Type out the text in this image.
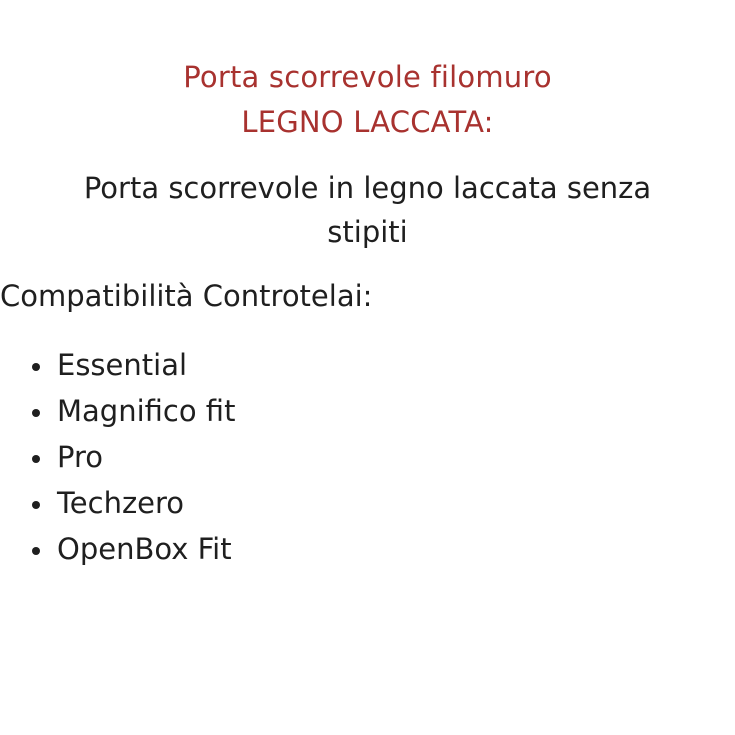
Porta scorrevole filomuro
LEGNO LACCATA:
Porta scorrevole in legno laccata senza
stipiti
Compatibilità Controtelai:
Essential
Magnifico fit
Pro
Techzero
OpenBox Fit
